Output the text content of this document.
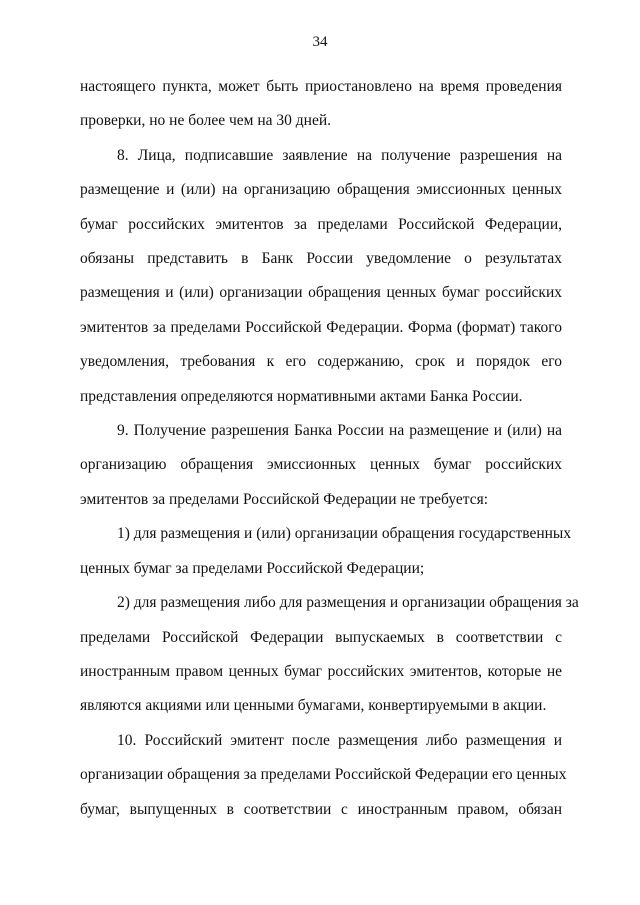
34

настоящего пункта, может быть приостановлено на время проведения
проверки, но не более чем на 30 дней.

8. Лица, подписавшие заявление на получение разрешения на
размещение и (или) на организацию обращения эмиссионных ценных
бумаг российских эмитентов за пределами Российской Федерации,
обязаны представить в Банк России уведомление о результатах
размещения и (или) организации обращения ценных бумаг российских
эмитентов за пределами Российской Федерации. Форма (формат) такого
уведомления, требования к его содержанию, срок и порядок его
представления определяются нормативными актами Банка России.

9. Получение разрешения Банка России на размещение и (или) на
организацию обращения эмиссионных ценных бумаг российских
эмитентов за пределами Российской Федерации не требуется:

1) для размещения и (или) организации обращения государственных
ценных бумаг за пределами Российской Федерации;

2) для размещения либо для размещения и организации обращения за
пределами Российской Федерации выпускаемых в соответствии с
иностранным правом ценных бумаг российских эмитентов, которые не
являются акциями или ценными бумагами, конвертируемыми в акции.

10. Российский эмитент после размещения либо размещения и
организации обращения за пределами Российской Федерации его ценных
бумаг, выпущенных в соответствии с иностранным правом, обязан
